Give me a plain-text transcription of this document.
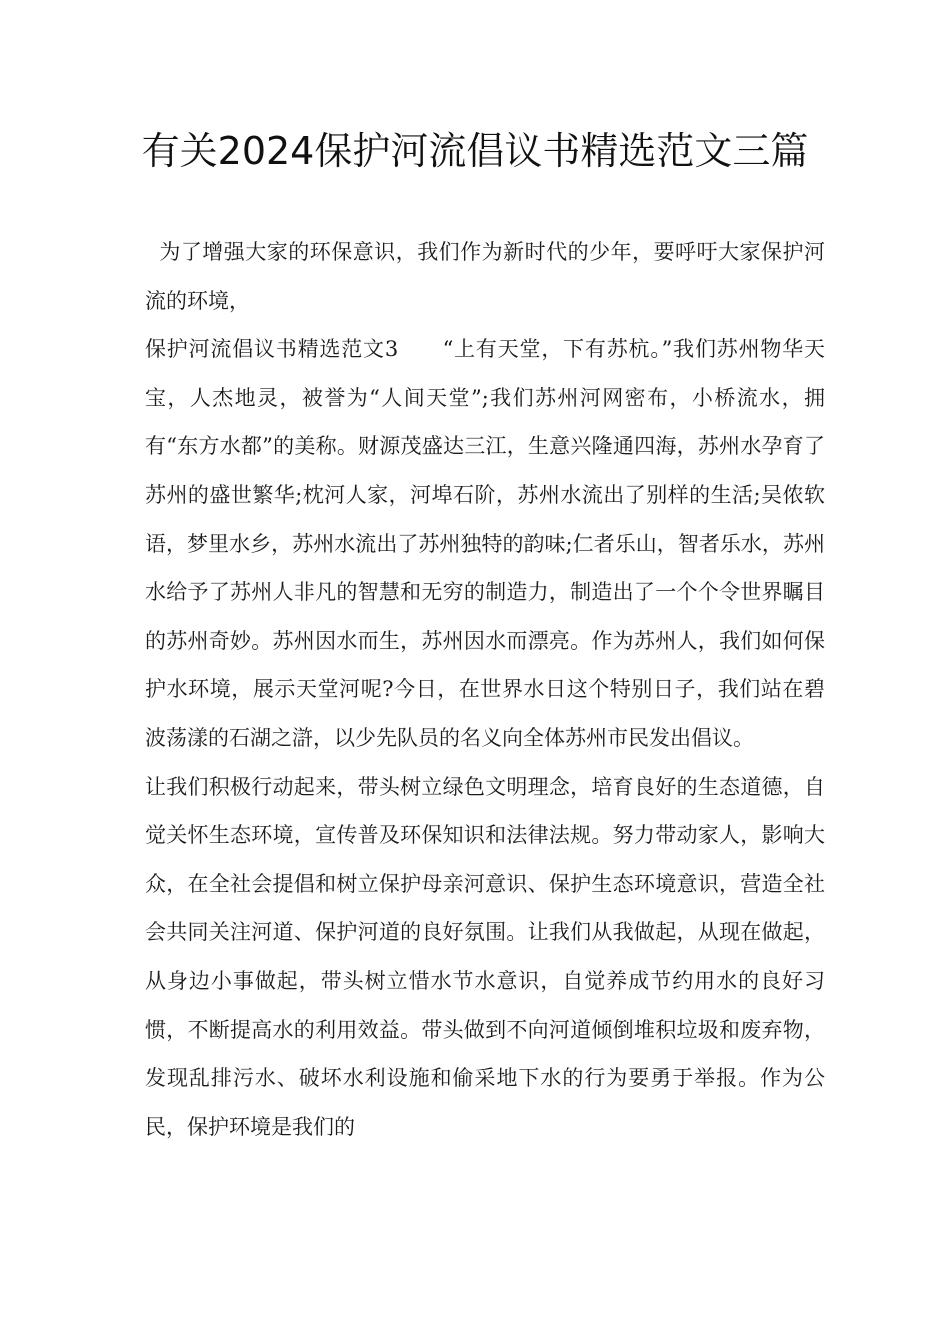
有关2024保护河流倡议书精选范文三篇

为了增强大家的环保意识，我们作为新时代的少年，要呼吁大家保护河流的环境，

保护河流倡议书精选范文3　　“上有天堂，下有苏杭。”我们苏州物华天宝，人杰地灵，被誉为“人间天堂”;我们苏州河网密布，小桥流水，拥有“东方水都”的美称。财源茂盛达三江，生意兴隆通四海，苏州水孕育了苏州的盛世繁华;枕河人家，河埠石阶，苏州水流出了别样的生活;吴侬软语，梦里水乡，苏州水流出了苏州独特的韵味;仁者乐山，智者乐水，苏州水给予了苏州人非凡的智慧和无穷的制造力，制造出了一个个令世界瞩目的苏州奇妙。苏州因水而生，苏州因水而漂亮。作为苏州人，我们如何保护水环境，展示天堂河呢?今日，在世界水日这个特别日子，我们站在碧波荡漾的石湖之滸，以少先队员的名义向全体苏州市民发出倡议。

让我们积极行动起来，带头树立绿色文明理念，培育良好的生态道德，自觉关怀生态环境，宣传普及环保知识和法律法规。努力带动家人，影响大众，在全社会提倡和树立保护母亲河意识、保护生态环境意识，营造全社会共同关注河道、保护河道的良好氛围。让我们从我做起，从现在做起，从身边小事做起，带头树立惜水节水意识，自觉养成节约用水的良好习惯，不断提高水的利用效益。带头做到不向河道倾倒堆积垃圾和废弃物，发现乱排污水、破坏水利设施和偷采地下水的行为要勇于举报。作为公民，保护环境是我们的
